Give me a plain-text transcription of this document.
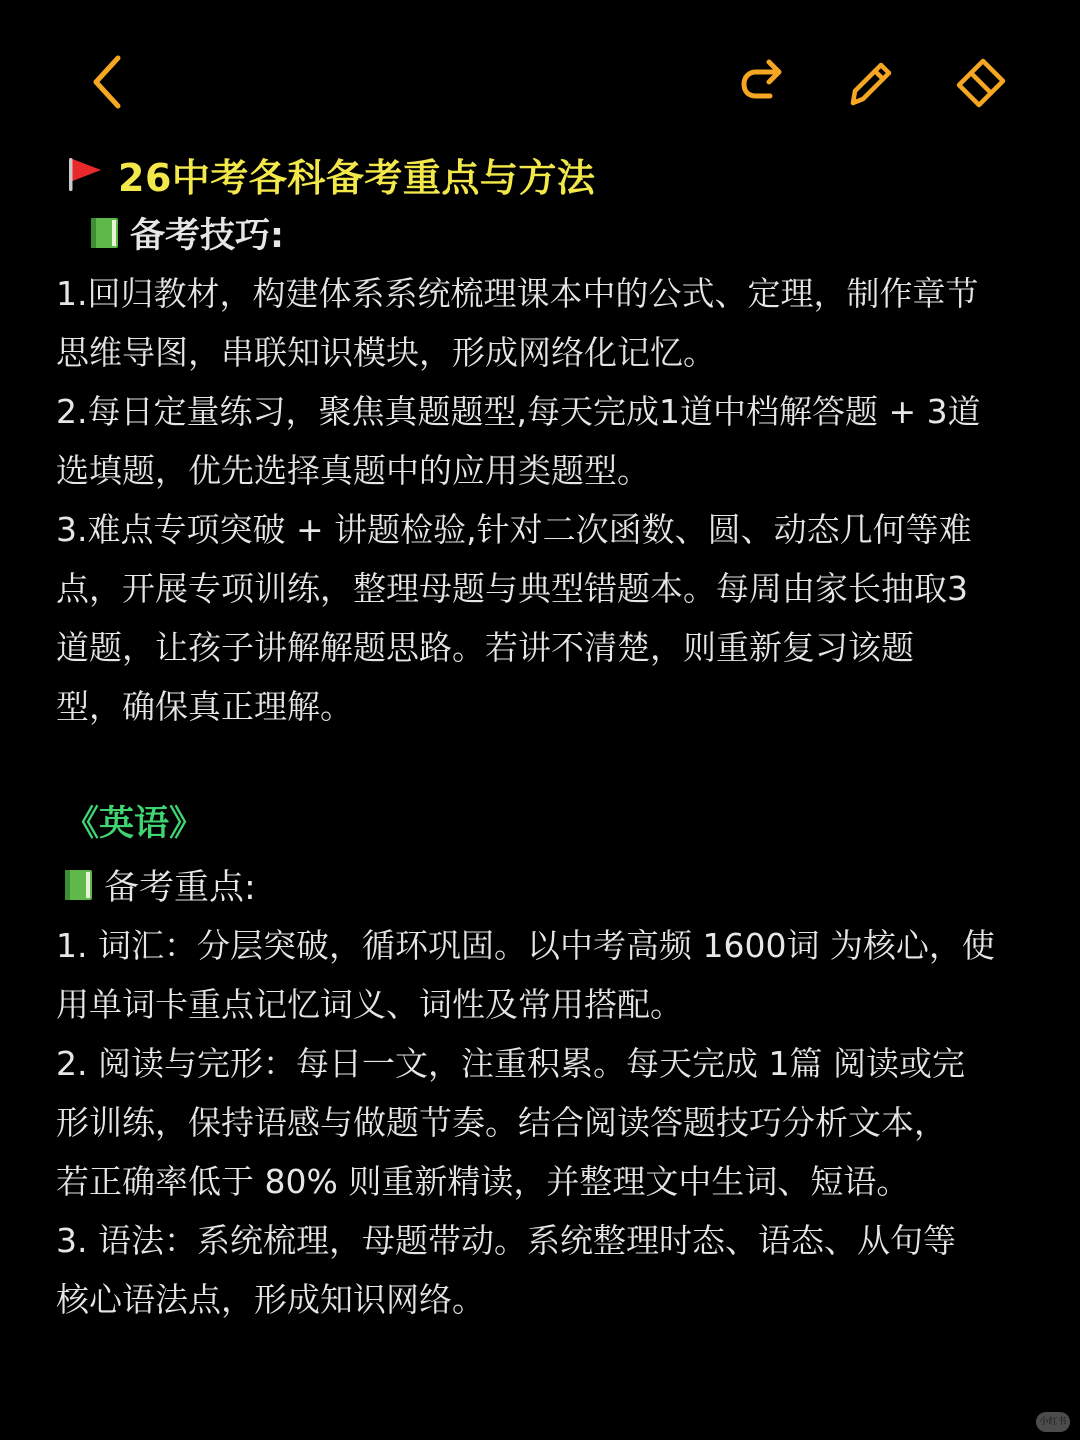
26中考各科备考重点与方法
备考技巧:

1.回归教材，构建体系系统梳理课本中的公式、定理，制作章节
思维导图，串联知识模块，形成网络化记忆。

2.每日定量练习，聚焦真题题型,每天完成1道中档解答题 + 3道
选填题，优先选择真题中的应用类题型。

3.难点专项突破 + 讲题检验,针对二次函数、圆、动态几何等难
点，开展专项训练，整理母题与典型错题本。每周由家长抽取3
道题，让孩子讲解解题思路。若讲不清楚，则重新复习该题
型，确保真正理解。

《英语》
备考重点:

1. 词汇：分层突破，循环巩固。以中考高频 1600词 为核心，使
用单词卡重点记忆词义、词性及常用搭配。

2. 阅读与完形：每日一文，注重积累。每天完成 1篇 阅读或完
形训练，保持语感与做题节奏。结合阅读答题技巧分析文本，
若正确率低于 80% 则重新精读，并整理文中生词、短语。

3. 语法：系统梳理，母题带动。系统整理时态、语态、从句等
核心语法点，形成知识网络。

小红书
